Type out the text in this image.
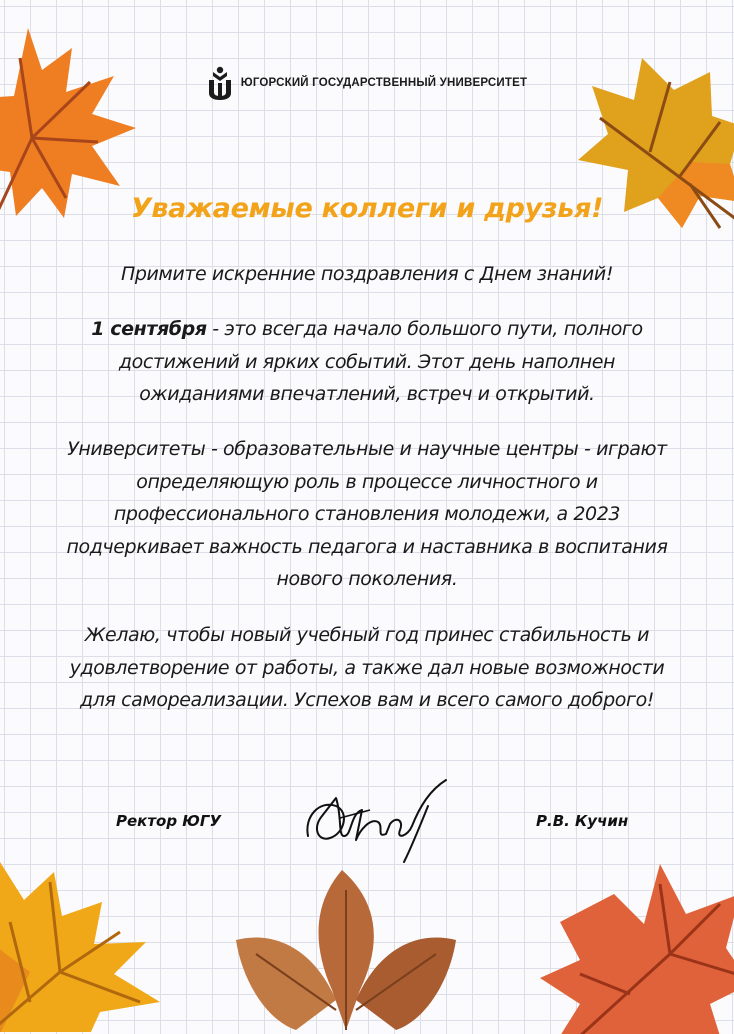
ЮГОРСКИЙ ГОСУДАРСТВЕННЫЙ УНИВЕРСИТЕТ
Уважаемые коллеги и друзья!
Примите искренние поздравления с Днем знаний!
1 сентября - это всегда начало большого пути, полного
достижений и ярких событий. Этот день наполнен
ожиданиями впечатлений, встреч и открытий.
Университеты - образовательные и научные центры - играют
определяющую роль в процессе личностного и
профессионального становления молодежи, а 2023
подчеркивает важность педагога и наставника в воспитания
нового поколения.
Желаю, чтобы новый учебный год принес стабильность и
удовлетворение от работы, а также дал новые возможности
для самореализации. Успехов вам и всего самого доброго!
Ректор ЮГУ	Р.В. Кучин
